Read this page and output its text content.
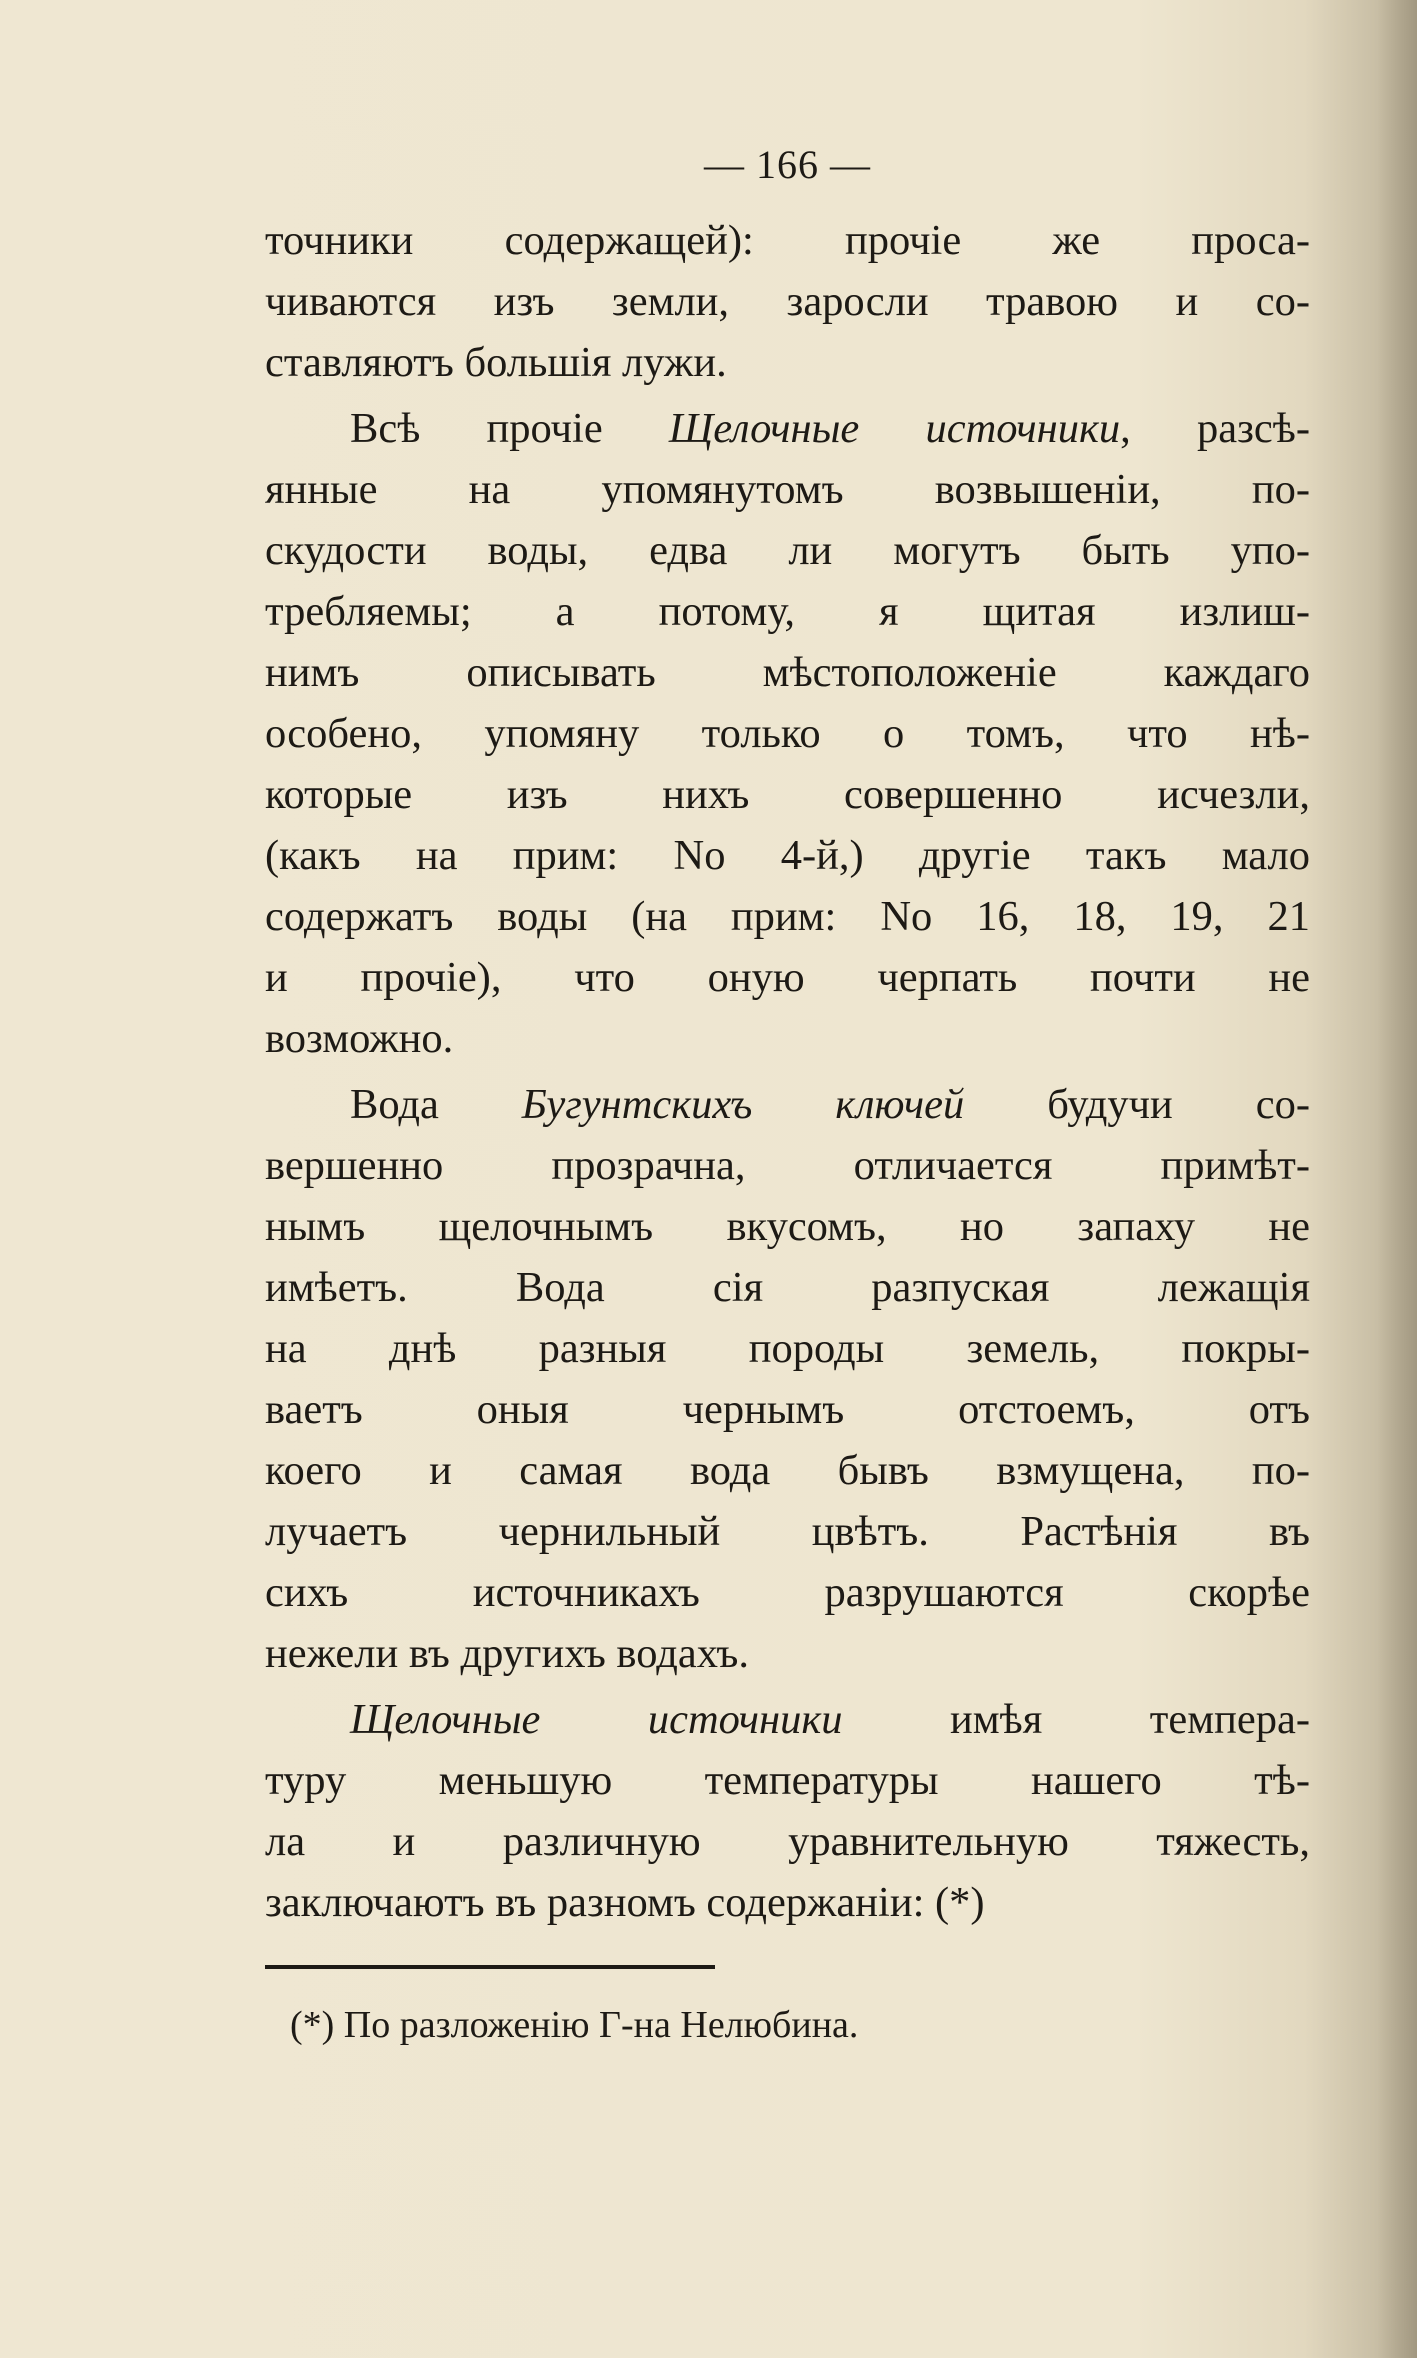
— 166 —
точники содержащей): прочіе же проса-
чиваются изъ земли, заросли травою и со-
ставляютъ большія лужи.
Всѣ прочіе Щелочные источники, разсѣ-
янные на упомянутомъ возвышеніи, по-
скудости воды, едва ли могутъ быть упо-
требляемы; а потому, я щитая излиш-
нимъ описывать мѣстоположеніе каждаго
особено, упомяну только о томъ, что нѣ-
которые изъ нихъ совершенно исчезли,
(какъ на прим: No 4-й,) другіе такъ мало
содержатъ воды (на прим: No 16, 18, 19, 21
и прочіе), что оную черпать почти не
возможно.
Вода Бугунтскихъ ключей будучи со-
вершенно прозрачна, отличается примѣт-
нымъ щелочнымъ вкусомъ, но запаху не
имѣетъ. Вода сія разпуская лежащія
на днѣ разныя породы земель, покры-
ваетъ оныя чернымъ отстоемъ, отъ
коего и самая вода бывъ взмущена, по-
лучаетъ чернильный цвѣтъ. Растѣнія въ
сихъ источникахъ разрушаются скорѣе
нежели въ другихъ водахъ.
Щелочные источники имѣя темпера-
туру меньшую температуры нашего тѣ-
ла и различную уравнительную тяжесть,
заключаютъ въ разномъ содержаніи: (*)
(*) По разложенію Г-на Нелюбина.
